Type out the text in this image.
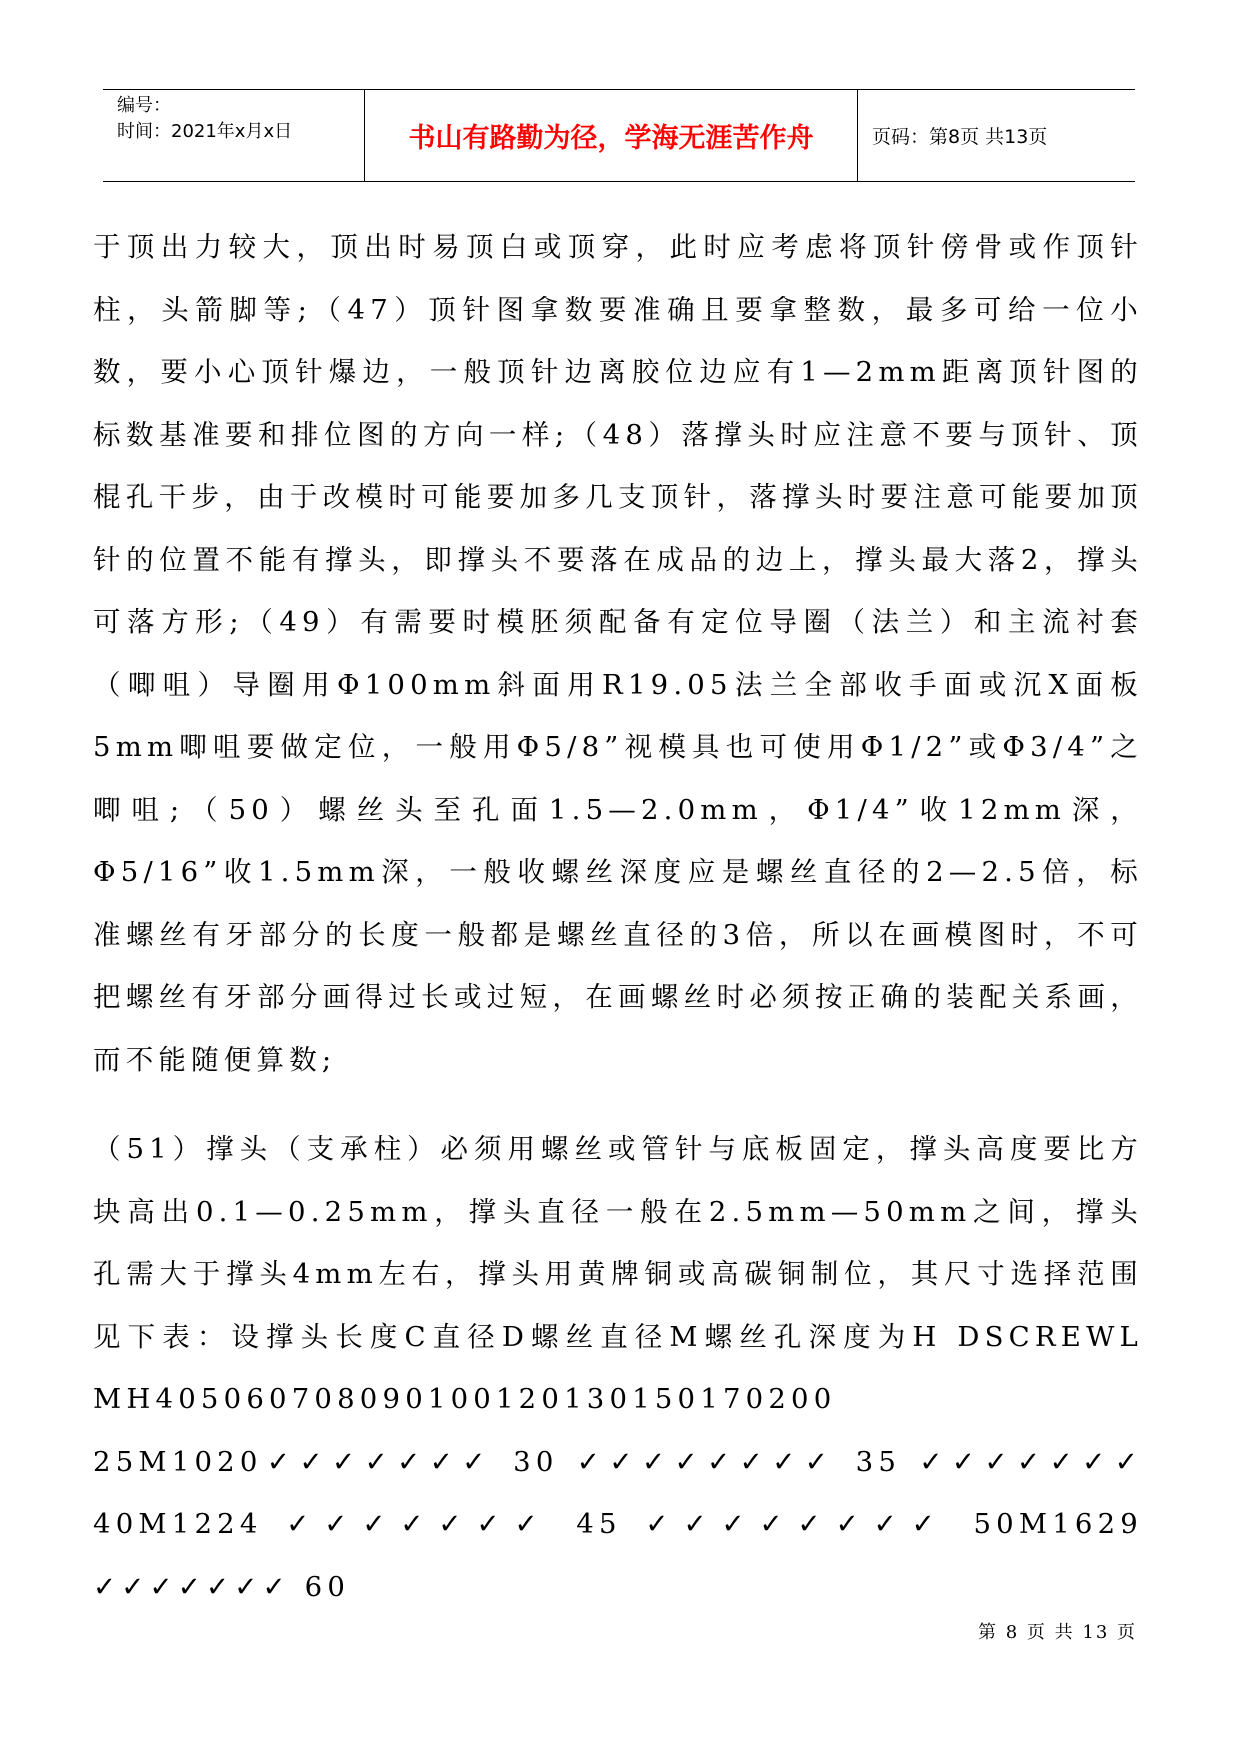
编号：
时间：2021年x月x日	书山有路勤为径，学海无涯苦作舟	页码：第8页 共13页

于顶出力较大，顶出时易顶白或顶穿，此时应考虑将顶针傍骨或作顶针柱，头箭脚等;（47）顶针图拿数要准确且要拿整数，最多可给一位小数，要小心顶针爆边，一般顶针边离胶位边应有1—2mm距离顶针图的标数基准要和排位图的方向一样;（48）落撑头时应注意不要与顶针、顶棍孔干步，由于改模时可能要加多几支顶针，落撑头时要注意可能要加顶针的位置不能有撑头，即撑头不要落在成品的边上，撑头最大落2，撑头可落方形;（49）有需要时模胚须配备有定位导圈（法兰）和主流衬套（唧咀）导圈用Φ100mm斜面用R19.05法兰全部收手面或沉X面板5mm唧咀要做定位，一般用Φ5/8”视模具也可使用Φ1/2”或Φ3/4”之唧咀;（50）螺丝头至孔面1.5—2.0mm，Φ1/4”收12mm深，Φ5/16”收1.5mm深，一般收螺丝深度应是螺丝直径的2—2.5倍，标准螺丝有牙部分的长度一般都是螺丝直径的3倍，所以在画模图时，不可把螺丝有牙部分画得过长或过短，在画螺丝时必须按正确的装配关系画，而不能随便算数;

（51）撑头（支承柱）必须用螺丝或管针与底板固定，撑头高度要比方块高出0.1—0.25mm，撑头直径一般在2.5mm—50mm之间，撑头孔需大于撑头4mm左右，撑头用黄牌铜或高碳铜制位，其尺寸选择范围见下表：设撑头长度C直径D螺丝直径M螺丝孔深度为H DSCREWL MH405060708090100120130150170200 25M1020✓✓✓✓✓✓✓ 30 ✓✓✓✓✓✓✓✓ 35 ✓✓✓✓✓✓✓ 40M1224 ✓✓✓✓✓✓✓ 45 ✓✓✓✓✓✓✓✓ 50M1629 ✓✓✓✓✓✓✓ 60

第 8 页 共 13 页
